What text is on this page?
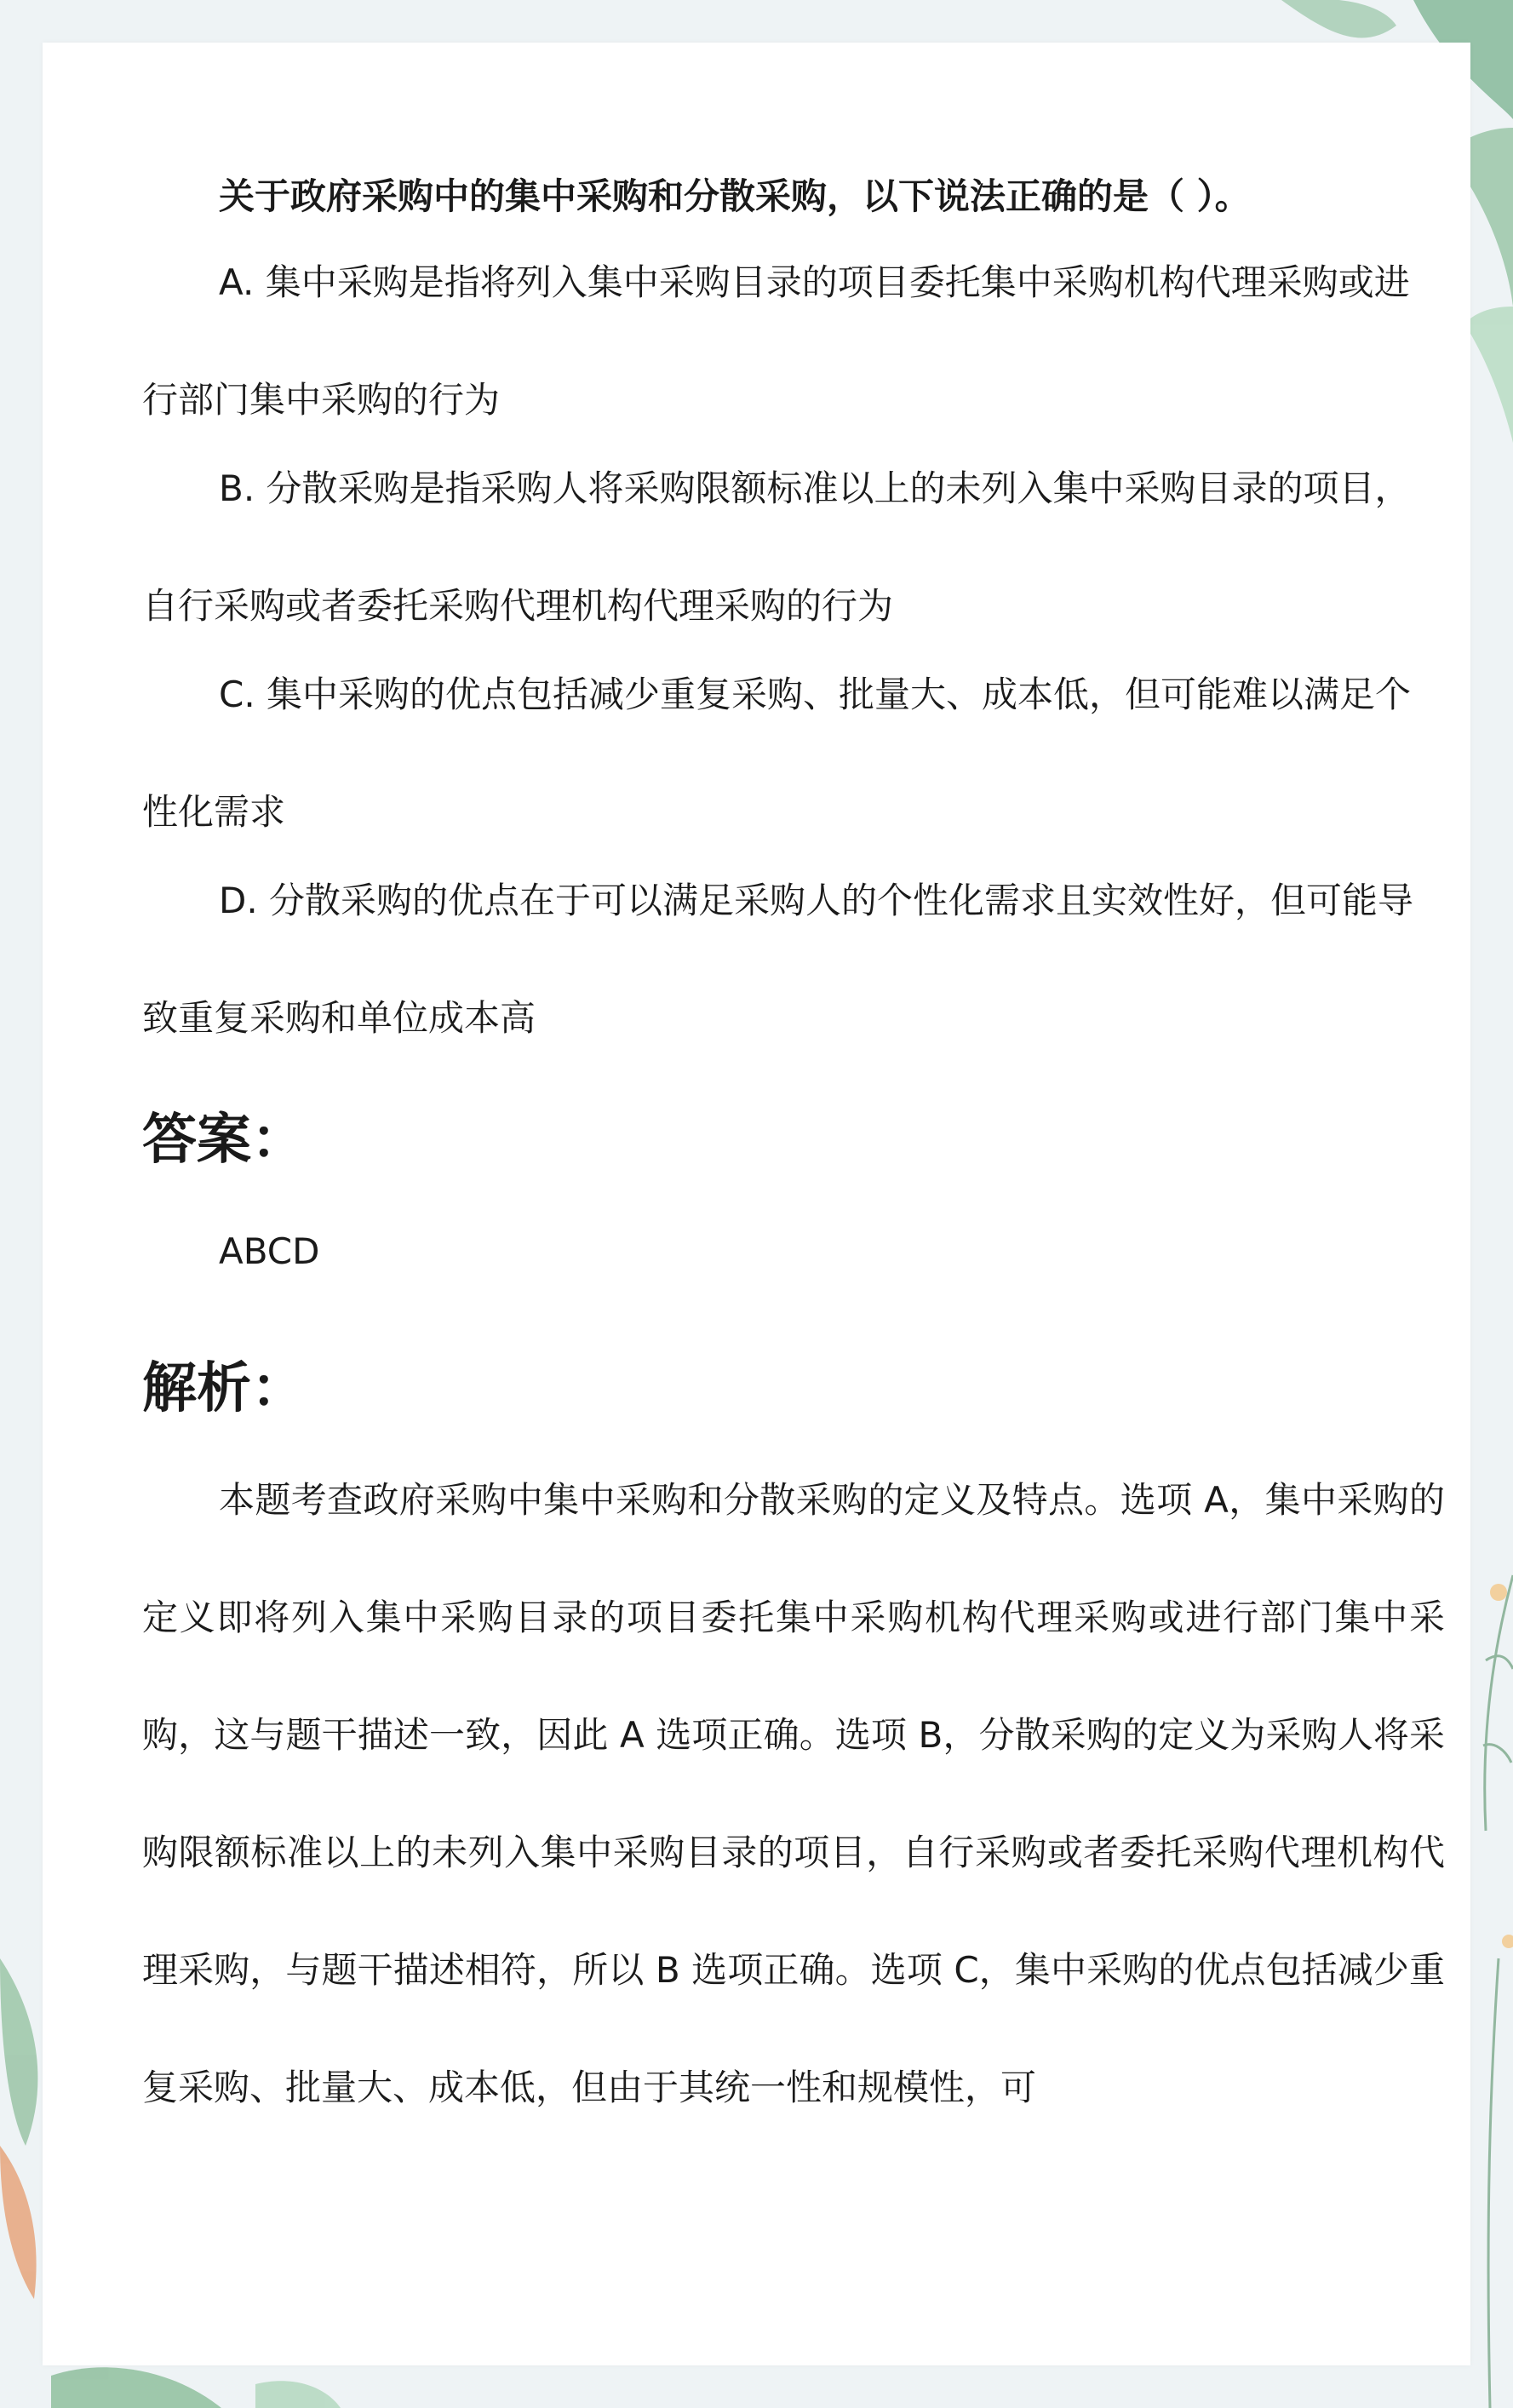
关于政府采购中的集中采购和分散采购，以下说法正确的是（ ）。

A. 集中采购是指将列入集中采购目录的项目委托集中采购机构代理采购或进行部门集中采购的行为

B. 分散采购是指采购人将采购限额标准以上的未列入集中采购目录的项目，自行采购或者委托采购代理机构代理采购的行为

C. 集中采购的优点包括减少重复采购、批量大、成本低，但可能难以满足个性化需求

D. 分散采购的优点在于可以满足采购人的个性化需求且实效性好，但可能导致重复采购和单位成本高

答案：

ABCD

解析：

本题考查政府采购中集中采购和分散采购的定义及特点。选项 A，集中采购的定义即将列入集中采购目录的项目委托集中采购机构代理采购或进行部门集中采购，这与题干描述一致，因此 A 选项正确。选项 B，分散采购的定义为采购人将采购限额标准以上的未列入集中采购目录的项目，自行采购或者委托采购代理机构代理采购，与题干描述相符，所以 B 选项正确。选项 C，集中采购的优点包括减少重复采购、批量大、成本低，但由于其统一性和规模性，可
